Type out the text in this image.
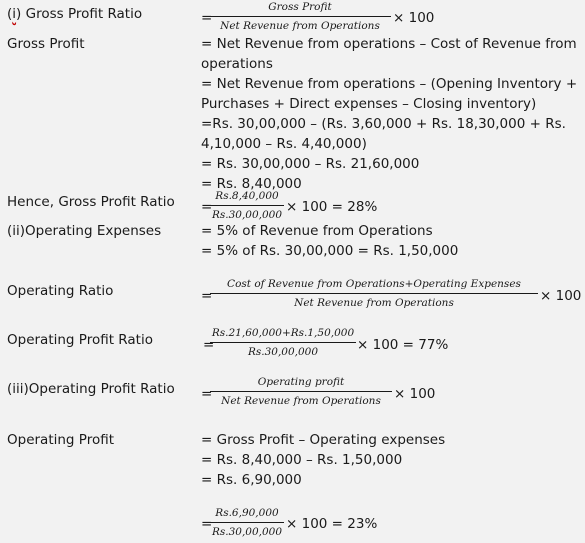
(i) Gross Profit Ratio	=
Gross Profit
Net Revenue from Operations × 100
Gross Profit	= Net Revenue from operations – Cost of Revenue from
operations
= Net Revenue from operations – (Opening Inventory +
Purchases + Direct expenses – Closing inventory)
=Rs. 30,00,000 – (Rs. 3,60,000 + Rs. 18,30,000 + Rs.
4,10,000 – Rs. 4,40,000)
= Rs. 30,00,000 – Rs. 21,60,000
= Rs. 8,40,000
Hence, Gross Profit Ratio =
Rs.8,40,000
Rs.30,00,000 × 100 = 28%
(ii)Operating Expenses	= 5% of Revenue from Operations
= 5% of Rs. 30,00,000 = Rs. 1,50,000
Operating Ratio	=
Cost of Revenue from Operations+Operating Expenses
Net Revenue from Operations	× 100
Operating Profit Ratio	=
Rs.21,60,000+Rs.1,50,000
Rs.30,00,000	× 100 = 77%
(iii)Operating Profit Ratio =
Operating profit
Net Revenue from Operations × 100
Operating Profit	= Gross Profit – Operating expenses
= Rs. 8,40,000 – Rs. 1,50,000
= Rs. 6,90,000
=
Rs.6,90,000
Rs.30,00,000 × 100 = 23%
